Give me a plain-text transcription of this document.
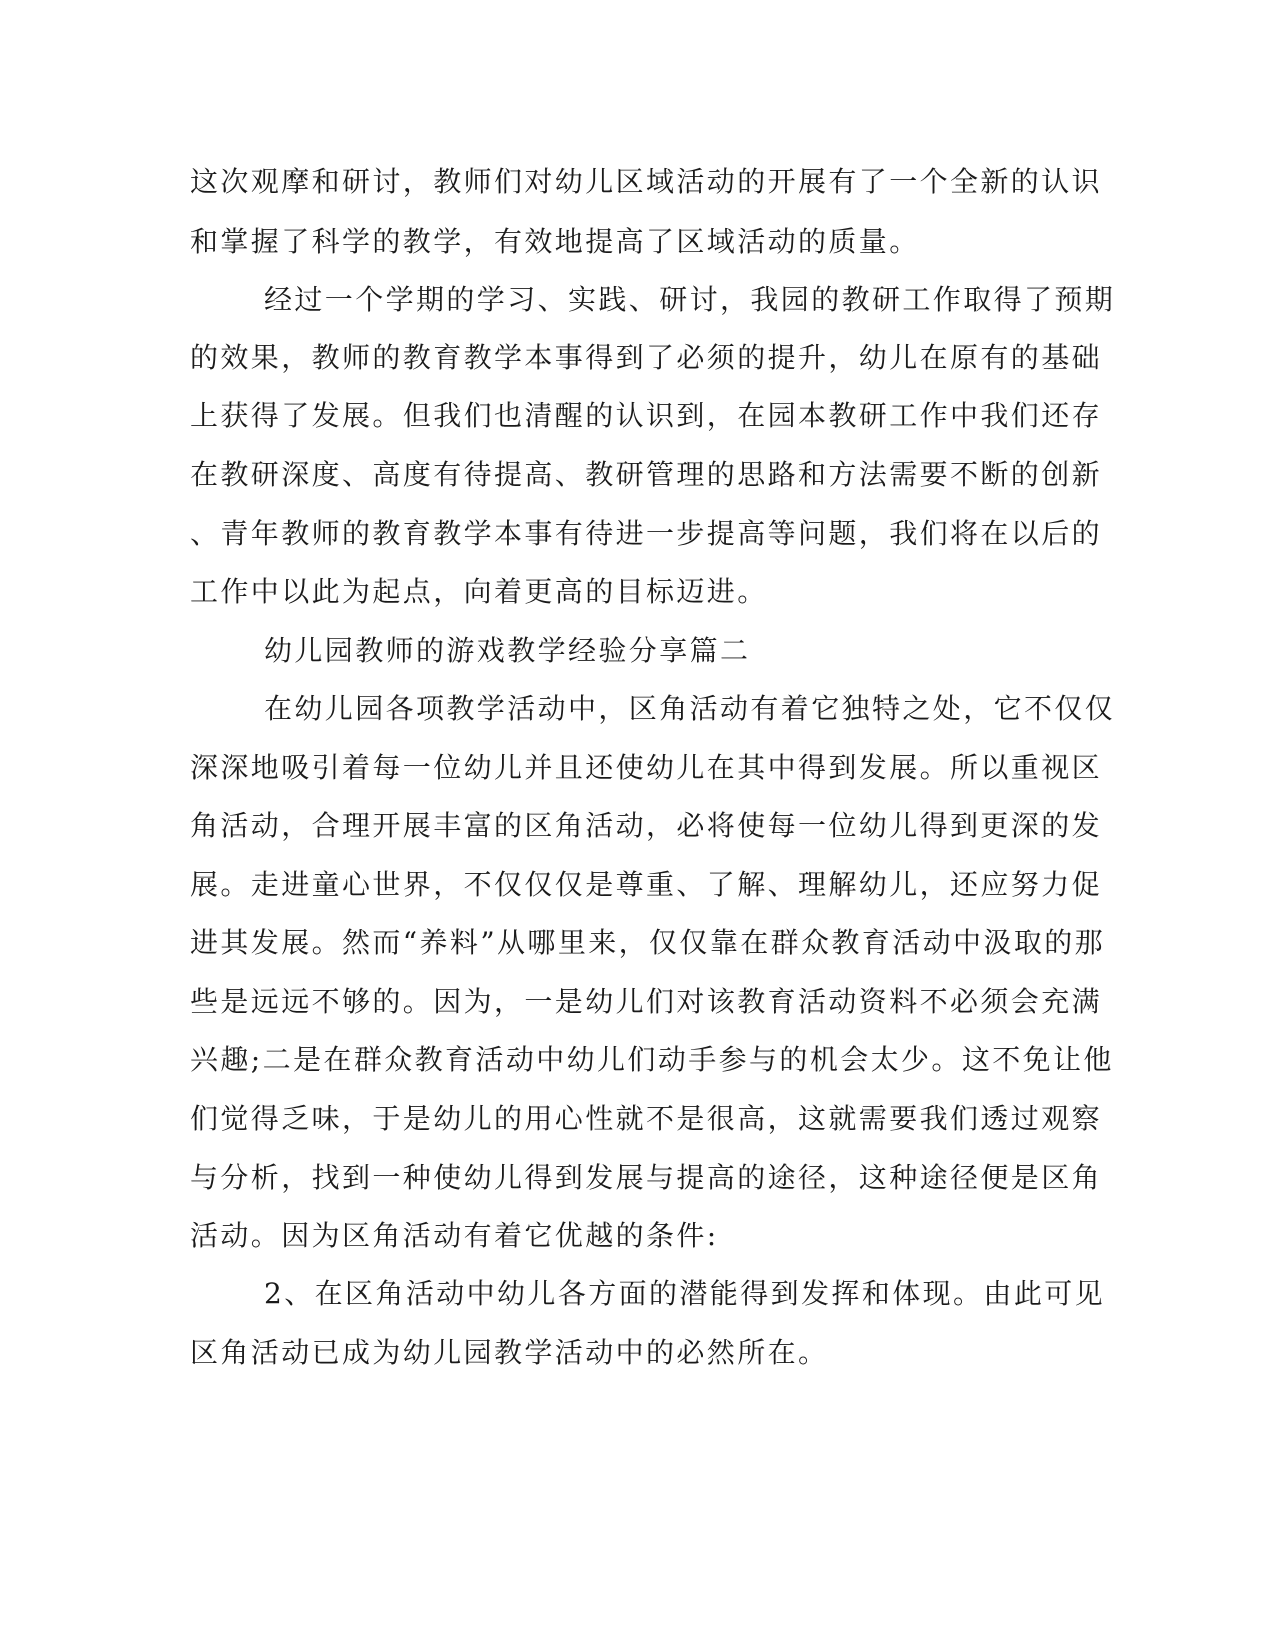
这次观摩和研讨，教师们对幼儿区域活动的开展有了一个全新的认识
和掌握了科学的教学，有效地提高了区域活动的质量。
经过一个学期的学习、实践、研讨，我园的教研工作取得了预期
的效果，教师的教育教学本事得到了必须的提升，幼儿在原有的基础
上获得了发展。但我们也清醒的认识到，在园本教研工作中我们还存
在教研深度、高度有待提高、教研管理的思路和方法需要不断的创新
、青年教师的教育教学本事有待进一步提高等问题，我们将在以后的
工作中以此为起点，向着更高的目标迈进。
幼儿园教师的游戏教学经验分享篇二
在幼儿园各项教学活动中，区角活动有着它独特之处，它不仅仅
深深地吸引着每一位幼儿并且还使幼儿在其中得到发展。所以重视区
角活动，合理开展丰富的区角活动，必将使每一位幼儿得到更深的发
展。走进童心世界，不仅仅仅是尊重、了解、理解幼儿，还应努力促
进其发展。然而“养料”从哪里来，仅仅靠在群众教育活动中汲取的那
些是远远不够的。因为，一是幼儿们对该教育活动资料不必须会充满
兴趣;二是在群众教育活动中幼儿们动手参与的机会太少。这不免让他
们觉得乏味，于是幼儿的用心性就不是很高，这就需要我们透过观察
与分析，找到一种使幼儿得到发展与提高的途径，这种途径便是区角
活动。因为区角活动有着它优越的条件:
2、在区角活动中幼儿各方面的潜能得到发挥和体现。由此可见
区角活动已成为幼儿园教学活动中的必然所在。
